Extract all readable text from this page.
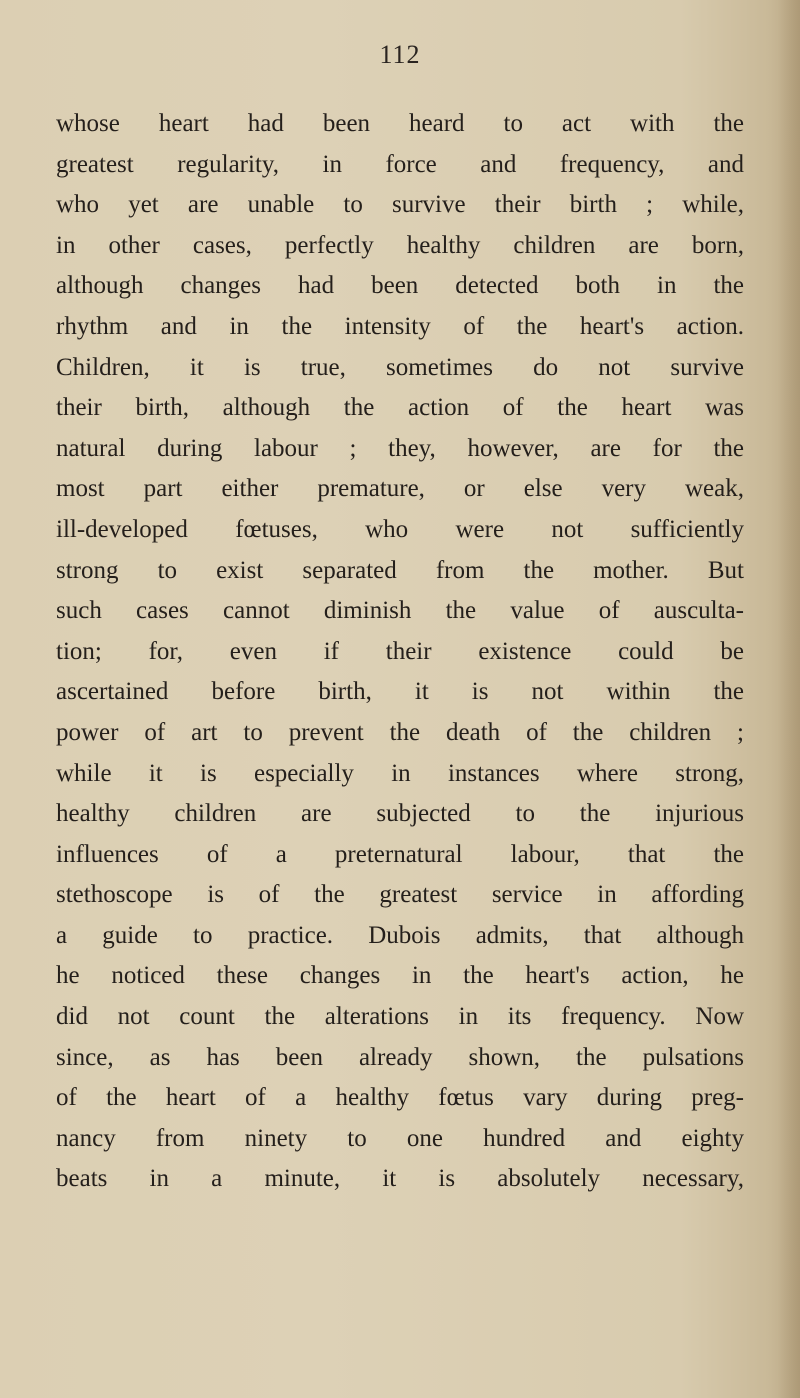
112
whose heart had been heard to act with the
greatest regularity, in force and frequency, and
who yet are unable to survive their birth ; while,
in other cases, perfectly healthy children are born,
although changes had been detected both in the
rhythm and in the intensity of the heart's action.
Children, it is true, sometimes do not survive
their birth, although the action of the heart was
natural during labour ; they, however, are for the
most part either premature, or else very weak,
ill-developed fœtuses, who were not sufficiently
strong to exist separated from the mother. But
such cases cannot diminish the value of ausculta-
tion; for, even if their existence could be
ascertained before birth, it is not within the
power of art to prevent the death of the children ;
while it is especially in instances where strong,
healthy children are subjected to the injurious
influences of a preternatural labour, that the
stethoscope is of the greatest service in affording
a guide to practice. Dubois admits, that although
he noticed these changes in the heart's action, he
did not count the alterations in its frequency. Now
since, as has been already shown, the pulsations
of the heart of a healthy fœtus vary during preg-
nancy from ninety to one hundred and eighty
beats in a minute, it is absolutely necessary,
